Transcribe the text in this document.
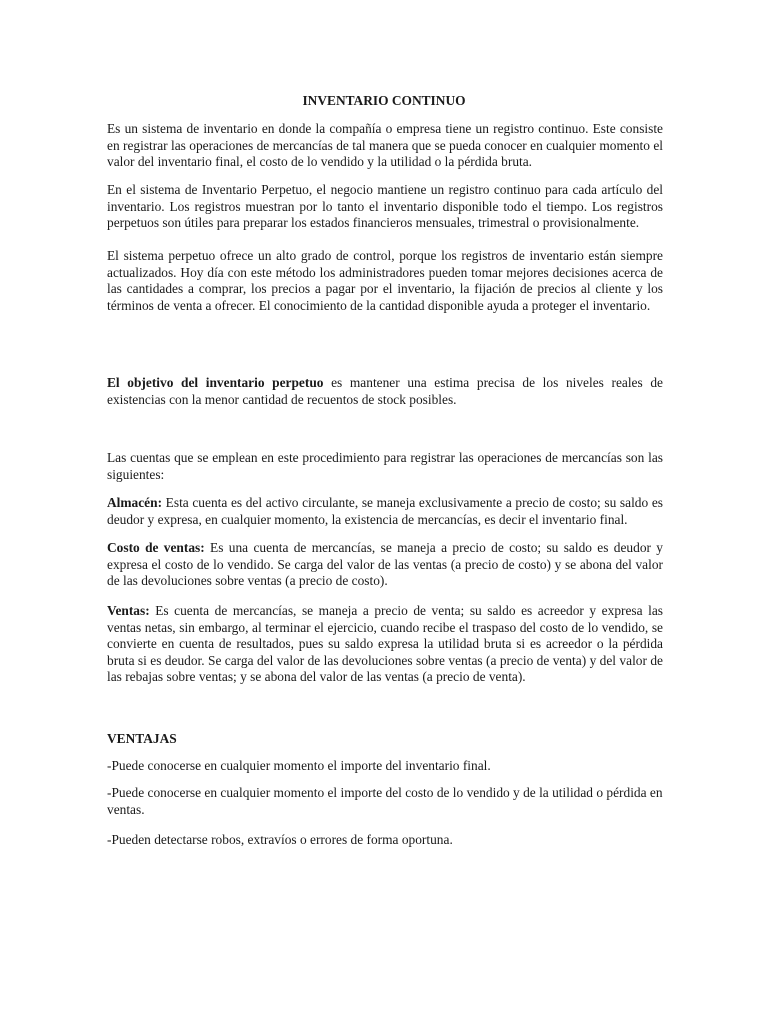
INVENTARIO CONTINUO

Es un sistema de inventario en donde la compañía o empresa tiene un registro continuo. Este consiste en registrar las operaciones de mercancías de tal manera que se pueda conocer en cualquier momento el valor del inventario final, el costo de lo vendido y la utilidad o la pérdida bruta.

En el sistema de Inventario Perpetuo, el negocio mantiene un registro continuo para cada artículo del inventario. Los registros muestran por lo tanto el inventario disponible todo el tiempo. Los registros perpetuos son útiles para preparar los estados financieros mensuales, trimestral o provisionalmente.

El sistema perpetuo ofrece un alto grado de control, porque los registros de inventario están siempre actualizados. Hoy día con este método los administradores pueden tomar mejores decisiones acerca de las cantidades a comprar, los precios a pagar por el inventario, la fijación de precios al cliente y los términos de venta a ofrecer. El conocimiento de la cantidad disponible ayuda a proteger el inventario.

El objetivo del inventario perpetuo es mantener una estima precisa de los niveles reales de existencias con la menor cantidad de recuentos de stock posibles.

Las cuentas que se emplean en este procedimiento para registrar las operaciones de mercancías son las siguientes:

Almacén: Esta cuenta es del activo circulante, se maneja exclusivamente a precio de costo; su saldo es deudor y expresa, en cualquier momento, la existencia de mercancías, es decir el inventario final.

Costo de ventas: Es una cuenta de mercancías, se maneja a precio de costo; su saldo es deudor y expresa el costo de lo vendido. Se carga del valor de las ventas (a precio de costo) y se abona del valor de las devoluciones sobre ventas (a precio de costo).

Ventas: Es cuenta de mercancías, se maneja a precio de venta; su saldo es acreedor y expresa las ventas netas, sin embargo, al terminar el ejercicio, cuando recibe el traspaso del costo de lo vendido, se convierte en cuenta de resultados, pues su saldo expresa la utilidad bruta si es acreedor o la pérdida bruta si es deudor. Se carga del valor de las devoluciones sobre ventas (a precio de venta) y del valor de las rebajas sobre ventas; y se abona del valor de las ventas (a precio de venta).

VENTAJAS

-Puede conocerse en cualquier momento el importe del inventario final.

-Puede conocerse en cualquier momento el importe del costo de lo vendido y de la utilidad o pérdida en ventas.

-Pueden detectarse robos, extravíos o errores de forma oportuna.
